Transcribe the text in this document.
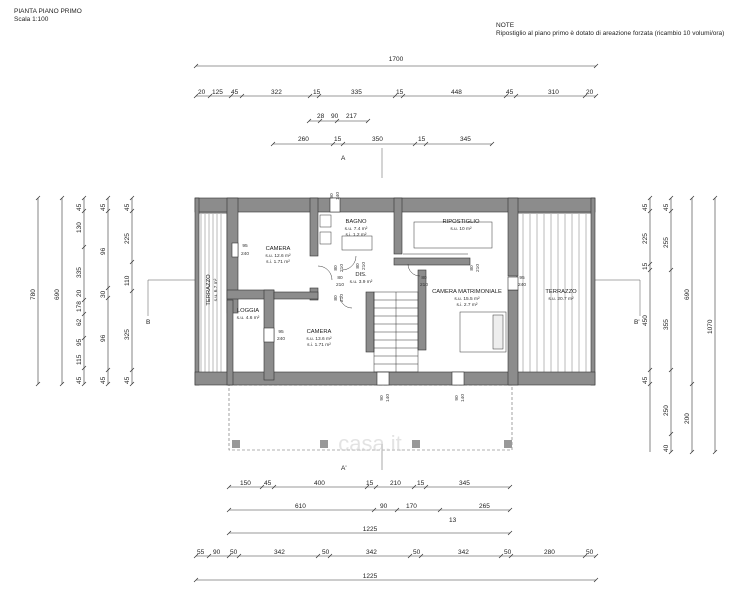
PIANTA PIANO PRIMO
Scala 1:100
NOTE
Ripostiglio al piano primo è dotato di areazione forzata (ricambio 10 volumi/ora)
1700
20 125 45	322	15	335	15	448	45	310	20
28 90 217
260	15	350	15	345
150 45	400	15	210 15	345
610	90	170	265
13
1225
55 90 50	342	50	342	50	342	50	280	50
1225
780	690
45
130
335
178
62
95
115
45
20
45
96
30
96
45
45
225
110
325
45
45
225
15
450
45
45
255
355
250
40
690
200
1070
A
A'
B	B'
casa.it
CAMERA
s.u. 12.6 m²
s.i. 1.71 m²
BAGNO
s.u. 7.4 m²
s.i. 1.2 m²
RIPOSTIGLIO
s.u. 10 m²
DIS.
s.u. 3.9 m²
TERRAZZO s.u. 6.7 m²
LOGGIA
s.u. 4.6 m²
CAMERA
s.u. 13.6 m²
s.i. 1.71 m²
CAMERA MATRIMONIALE
s.u. 15.5 m²
s.i. 2.7 m²
TERRAZZO
s.u. 20.7 m²
90 140
95
240
80 210 80 210
80
210
80
210
80 210
80 210
95
240
95
240
90 140	90 140
